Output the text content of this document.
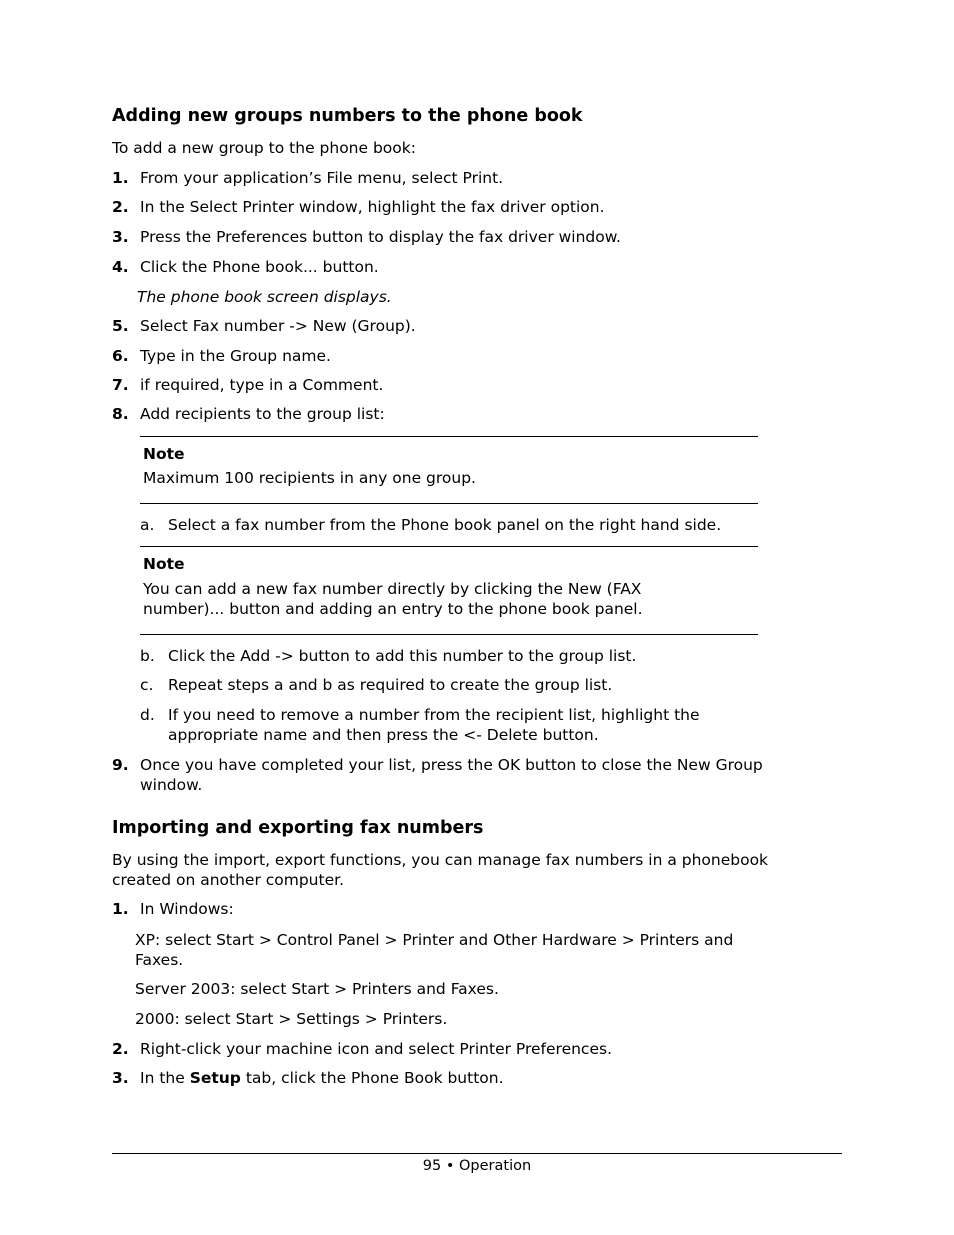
Adding new groups numbers to the phone book
To add a new group to the phone book:
1. From your application’s File menu, select Print.
2. In the Select Printer window, highlight the fax driver option.
3. Press the Preferences button to display the fax driver window.
4. Click the Phone book... button.
The phone book screen displays.
5. Select Fax number -> New (Group).
6. Type in the Group name.
7. if required, type in a Comment.
8. Add recipients to the group list:
Note
Maximum 100 recipients in any one group.
a. Select a fax number from the Phone book panel on the right hand side.
Note
You can add a new fax number directly by clicking the New (FAX
number)... button and adding an entry to the phone book panel.
b. Click the Add -> button to add this number to the group list.
c. Repeat steps a and b as required to create the group list.
d. If you need to remove a number from the recipient list, highlight the
appropriate name and then press the <- Delete button.
9. Once you have completed your list, press the OK button to close the New Group
window.
Importing and exporting fax numbers
By using the import, export functions, you can manage fax numbers in a phonebook
created on another computer.
1. In Windows:
XP: select Start > Control Panel > Printer and Other Hardware > Printers and
Faxes.
Server 2003: select Start > Printers and Faxes.
2000: select Start > Settings > Printers.
2. Right-click your machine icon and select Printer Preferences.
3. In the Setup tab, click the Phone Book button.
95 • Operation
